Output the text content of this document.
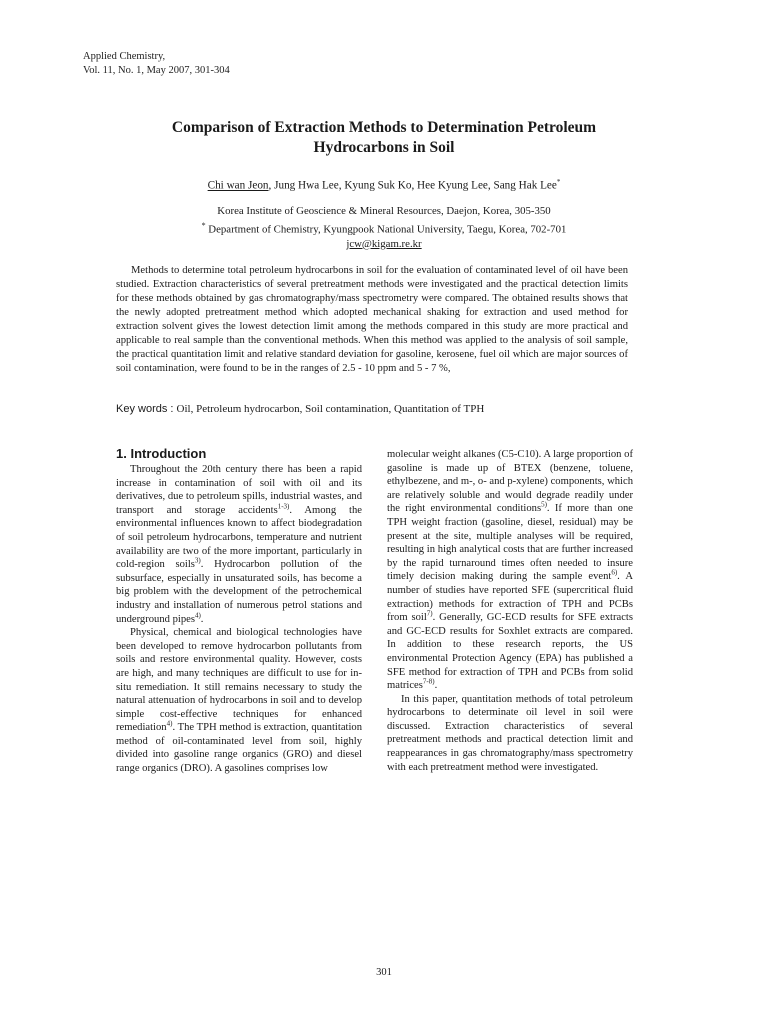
Applied Chemistry,
Vol. 11, No. 1, May 2007, 301-304
Comparison of Extraction Methods to Determination Petroleum
Hydrocarbons in Soil
Chi wan Jeon, Jung Hwa Lee, Kyung Suk Ko, Hee Kyung Lee, Sang Hak Lee*
Korea Institute of Geoscience & Mineral Resources, Daejon, Korea, 305-350
* Department of Chemistry, Kyungpook National University, Taegu, Korea, 702-701
jcw@kigam.re.kr

Methods to determine total petroleum hydrocarbons in soil for the evaluation of contaminated level of oil have been studied. Extraction characteristics of several pretreatment methods were investigated and the practical detection limits for these methods obtained by gas chromatography/mass spectrometry were compared. The obtained results shows that the newly adopted pretreatment method which adopted mechanical shaking for extraction and used method for extraction solvent gives the lowest detection limit among the methods compared in this study are more practical and applicable to real sample than the conventional methods. When this method was applied to the analysis of soil sample, the practical quantitation limit and relative standard deviation for gasoline, kerosene, fuel oil which are major sources of soil contamination, were found to be in the ranges of 2.5 - 10 ppm and 5 - 7 %,

Key words : Oil, Petroleum hydrocarbon, Soil contamination, Quantitation of TPH
1. Introduction

Throughout the 20th century there has been a rapid increase in contamination of soil with oil and its derivatives, due to petroleum spills, industrial wastes, and transport and storage accidents$^{1-3)}$. Among the environmental influences known to affect biodegradation of soil petroleum hydrocarbons, temperature and nutrient availability are two of the more important, particularly in cold-region soils$^{3)}$. Hydrocarbon pollution of the subsurface, especially in unsaturated soils, has become a big problem with the development of the petrochemical industry and installation of numerous petrol stations and underground pipes$^{4)}$.

Physical, chemical and biological technologies have been developed to remove hydrocarbon pollutants from soils and restore environmental quality. However, costs are high, and many techniques are difficult to use for in-situ remediation. It still remains necessary to study the natural attenuation of hydrocarbons in soil and to develop simple cost-effective techniques for enhanced remediation$^{4)}$. The TPH method is extraction, quantitation method of oil-contaminated level from soil, highly divided into gasoline range organics (GRO) and diesel range organics (DRO). A gasolines comprises low

molecular weight alkanes (C5-C10). A large proportion of gasoline is made up of BTEX (benzene, toluene, ethylbezene, and m-, o- and p-xylene) components, which are relatively soluble and would degrade readily under the right environmental conditions$^{5)}$. If more than one TPH weight fraction (gasoline, diesel, residual) may be present at the site, multiple analyses will be required, resulting in high analytical costs that are further increased by the rapid turnaround times often needed to insure timely decision making during the sample event$^{6)}$. A number of studies have reported SFE (supercritical fluid extraction) methods for extraction of TPH and PCBs from soil$^{7)}$. Generally, GC-ECD results for SFE extracts and GC-ECD results for Soxhlet extracts are compared. In addition to these research reports, the US environmental Protection Agency (EPA) has published a SFE method for extraction of TPH and PCBs from solid matrices$^{7-8)}$.

In this paper, quantitation methods of total petroleum hydrocarbons to determinate oil level in soil were discussed. Extraction characteristics of several pretreatment methods and practical detection limit and reappearances in gas chromatography/mass spectrometry with each pretreatment method were investigated.

301
